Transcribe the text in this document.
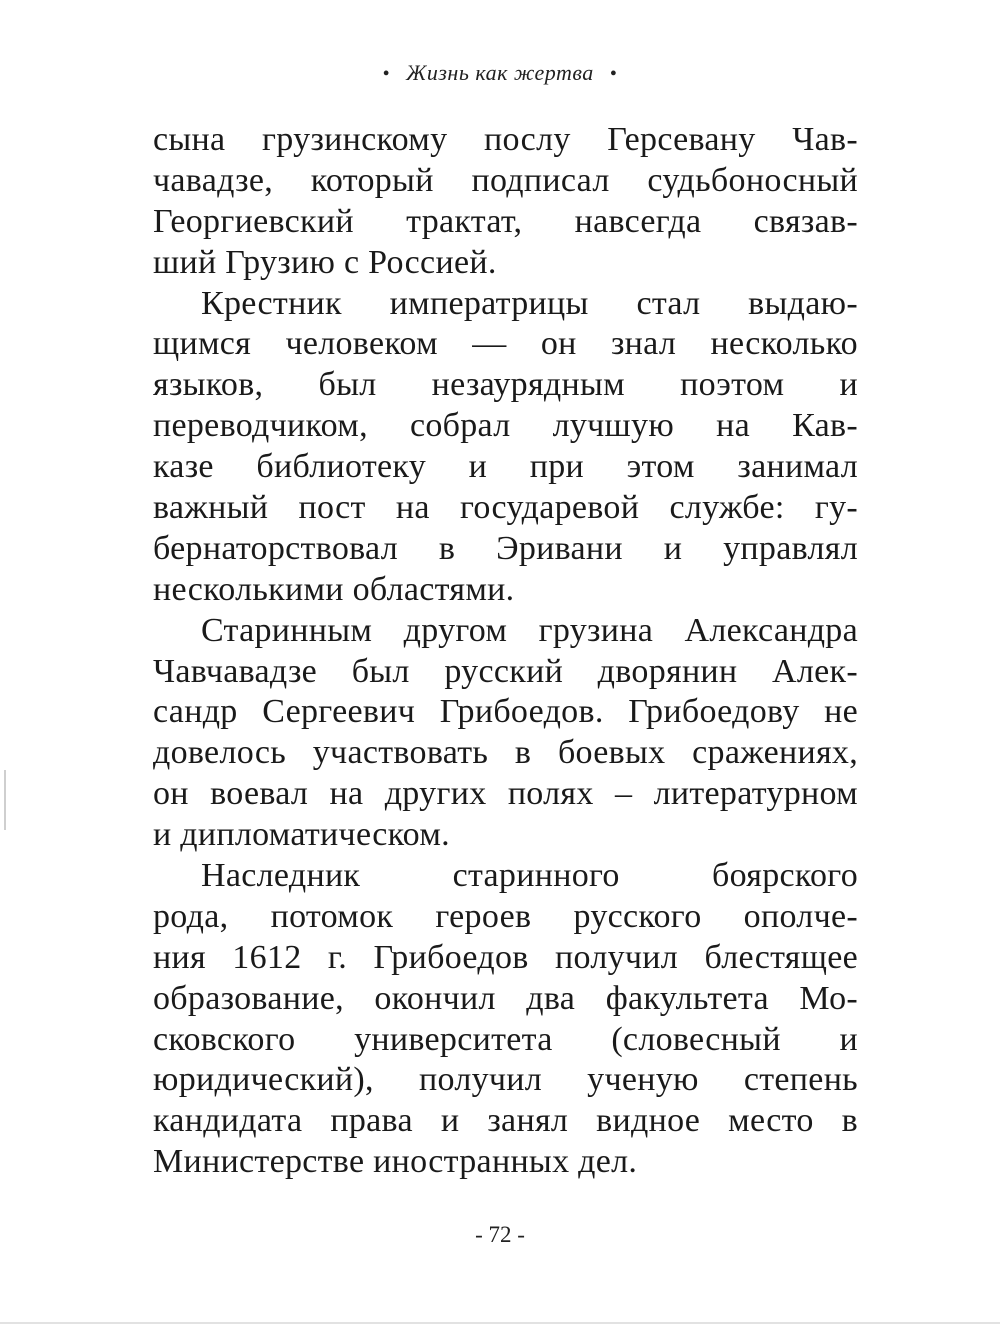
• Жизнь как жертва •
сына грузинскому послу Герсевану Чав-
чавадзе, который подписал судьбоносный
Георгиевский трактат, навсегда связав-
ший Грузию с Россией.
Крестник императрицы стал выдаю-
щимся человеком — он знал несколько
языков, был незаурядным поэтом и
переводчиком, собрал лучшую на Кав-
казе библиотеку и при этом занимал
важный пост на государевой службе: гу-
бернаторствовал в Эривани и управлял
несколькими областями.
Старинным другом грузина Александра
Чавчавадзе был русский дворянин Алек-
сандр Сергеевич Грибоедов. Грибоедову не
довелось участвовать в боевых сражениях,
он воевал на других полях – литературном
и дипломатическом.
Наследник старинного боярского
рода, потомок героев русского ополче-
ния 1612 г. Грибоедов получил блестящее
образование, окончил два факультета Мо-
сковского университета (словесный и
юридический), получил ученую степень
кандидата права и занял видное место в
Министерстве иностранных дел.
- 72 -
